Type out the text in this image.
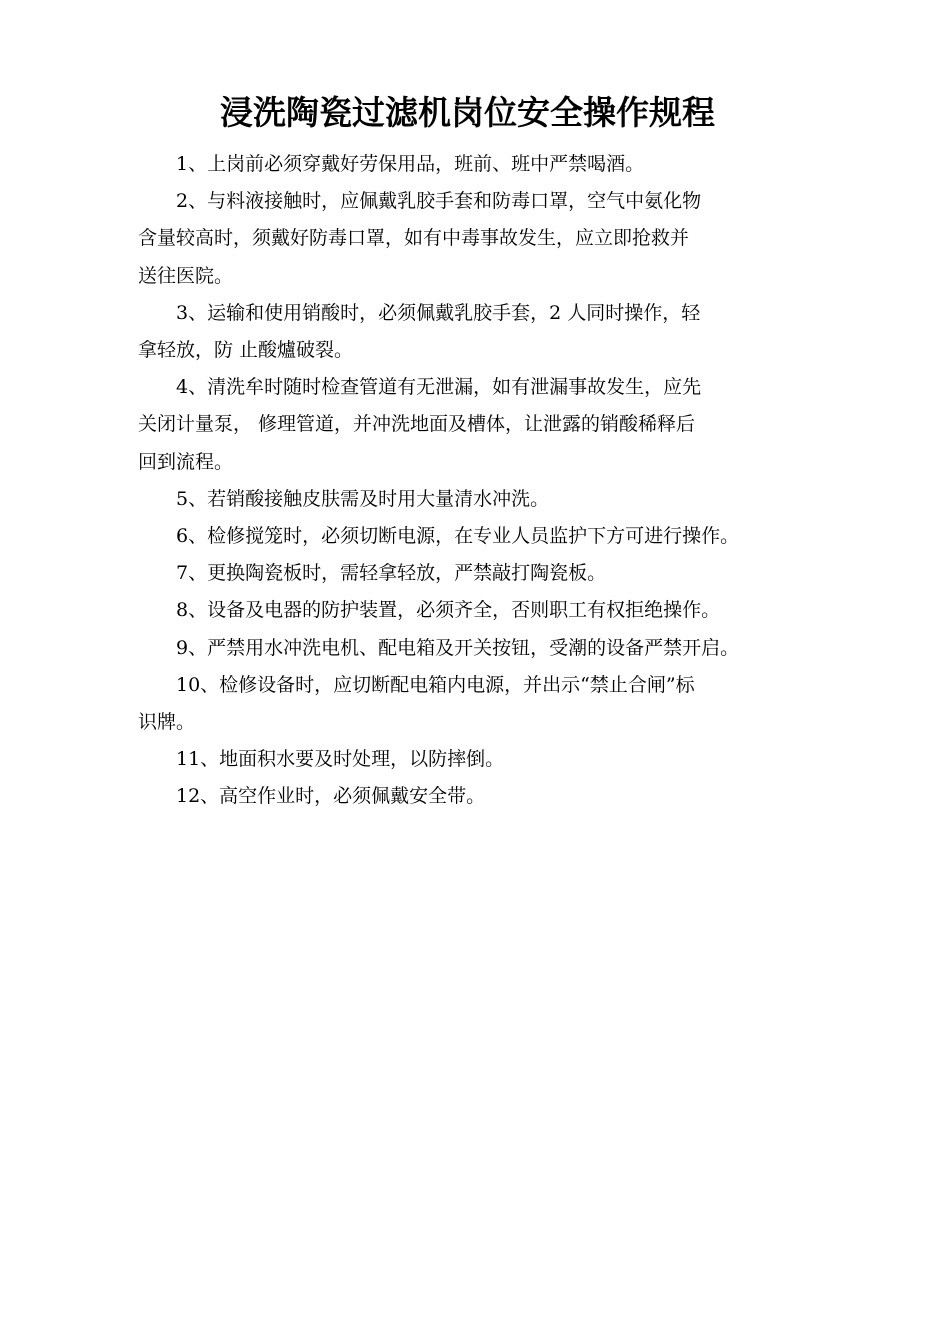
浸洗陶瓷过滤机岗位安全操作规程

1、上岗前必须穿戴好劳保用品，班前、班中严禁喝酒。

2、与料液接触时，应佩戴乳胶手套和防毒口罩，空气中氨化物
含量较高时，须戴好防毒口罩，如有中毒事故发生，应立即抢救并
送往医院。

3、运输和使用销酸时，必须佩戴乳胶手套，2 人同时操作，轻
拿轻放，防 止酸爐破裂。

4、清洗牟时随时检查管道有无泄漏，如有泄漏事故发生，应先
关闭计量泵， 修理管道，并冲洗地面及槽体，让泄露的销酸稀释后
回到流程。

5、若销酸接触皮肤需及时用大量清水冲洗。

6、检修搅笼时，必须切断电源，在专业人员监护下方可进行操作。

7、更换陶瓷板时，需轻拿轻放，严禁敲打陶瓷板。

8、设备及电器的防护装置，必须齐全，否则职工有权拒绝操作。

9、严禁用水冲洗电机、配电箱及开关按钮，受潮的设备严禁开启。

10、检修设备时，应切断配电箱内电源，并出示“禁止合闸”标
识牌。

11、地面积水要及时处理，以防摔倒。

12、高空作业时，必须佩戴安全带。
